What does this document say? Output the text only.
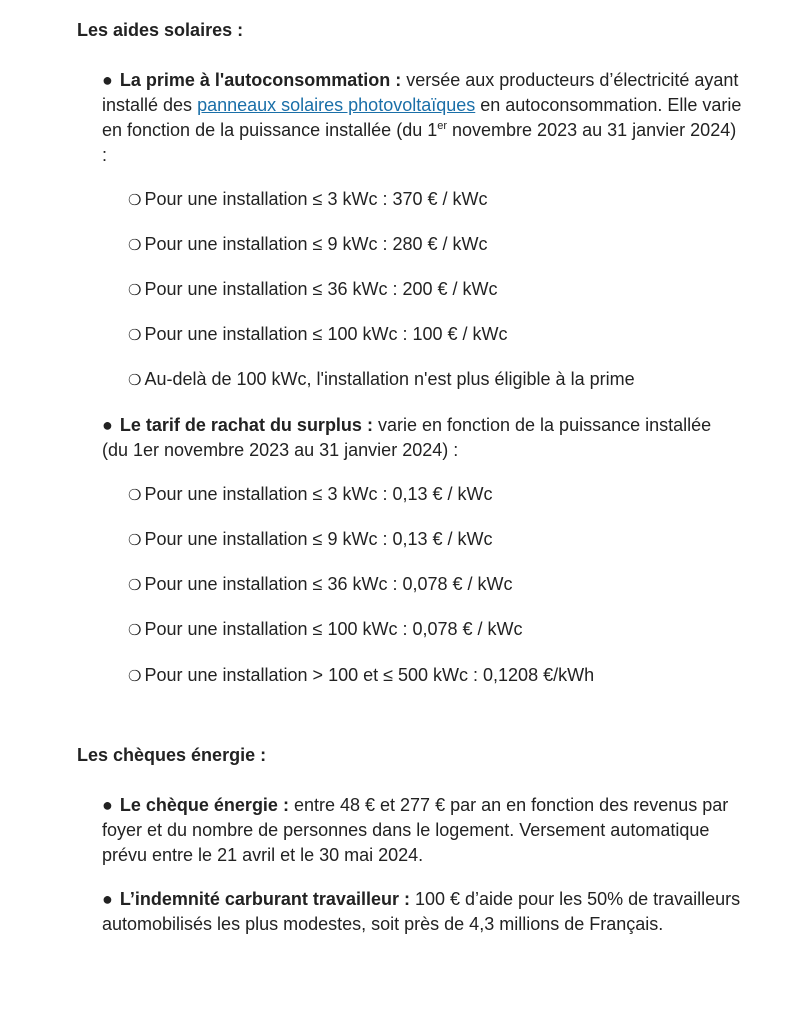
Les aides solaires :

● La prime à l'autoconsommation : versée aux producteurs d’électricité ayant installé des panneaux solaires photovoltaïques en autoconsommation. Elle varie en fonction de la puissance installée (du 1er novembre 2023 au 31 janvier 2024) :

❍ Pour une installation ≤ 3 kWc : 370 € / kWc

❍ Pour une installation ≤ 9 kWc : 280 € / kWc

❍ Pour une installation ≤ 36 kWc : 200 € / kWc

❍ Pour une installation ≤ 100 kWc : 100 € / kWc

❍ Au-delà de 100 kWc, l'installation n'est plus éligible à la prime

● Le tarif de rachat du surplus : varie en fonction de la puissance installée (du 1er novembre 2023 au 31 janvier 2024) :

❍ Pour une installation ≤ 3 kWc : 0,13 € / kWc

❍ Pour une installation ≤ 9 kWc : 0,13 € / kWc

❍ Pour une installation ≤ 36 kWc : 0,078 € / kWc

❍ Pour une installation ≤ 100 kWc : 0,078 € / kWc

❍ Pour une installation > 100 et ≤ 500 kWc : 0,1208 €/kWh

Les chèques énergie :

● Le chèque énergie : entre 48 € et 277 € par an en fonction des revenus par foyer et du nombre de personnes dans le logement. Versement automatique prévu entre le 21 avril et le 30 mai 2024.

● L’indemnité carburant travailleur : 100 € d’aide pour les 50% de travailleurs automobilisés les plus modestes, soit près de 4,3 millions de Français.
